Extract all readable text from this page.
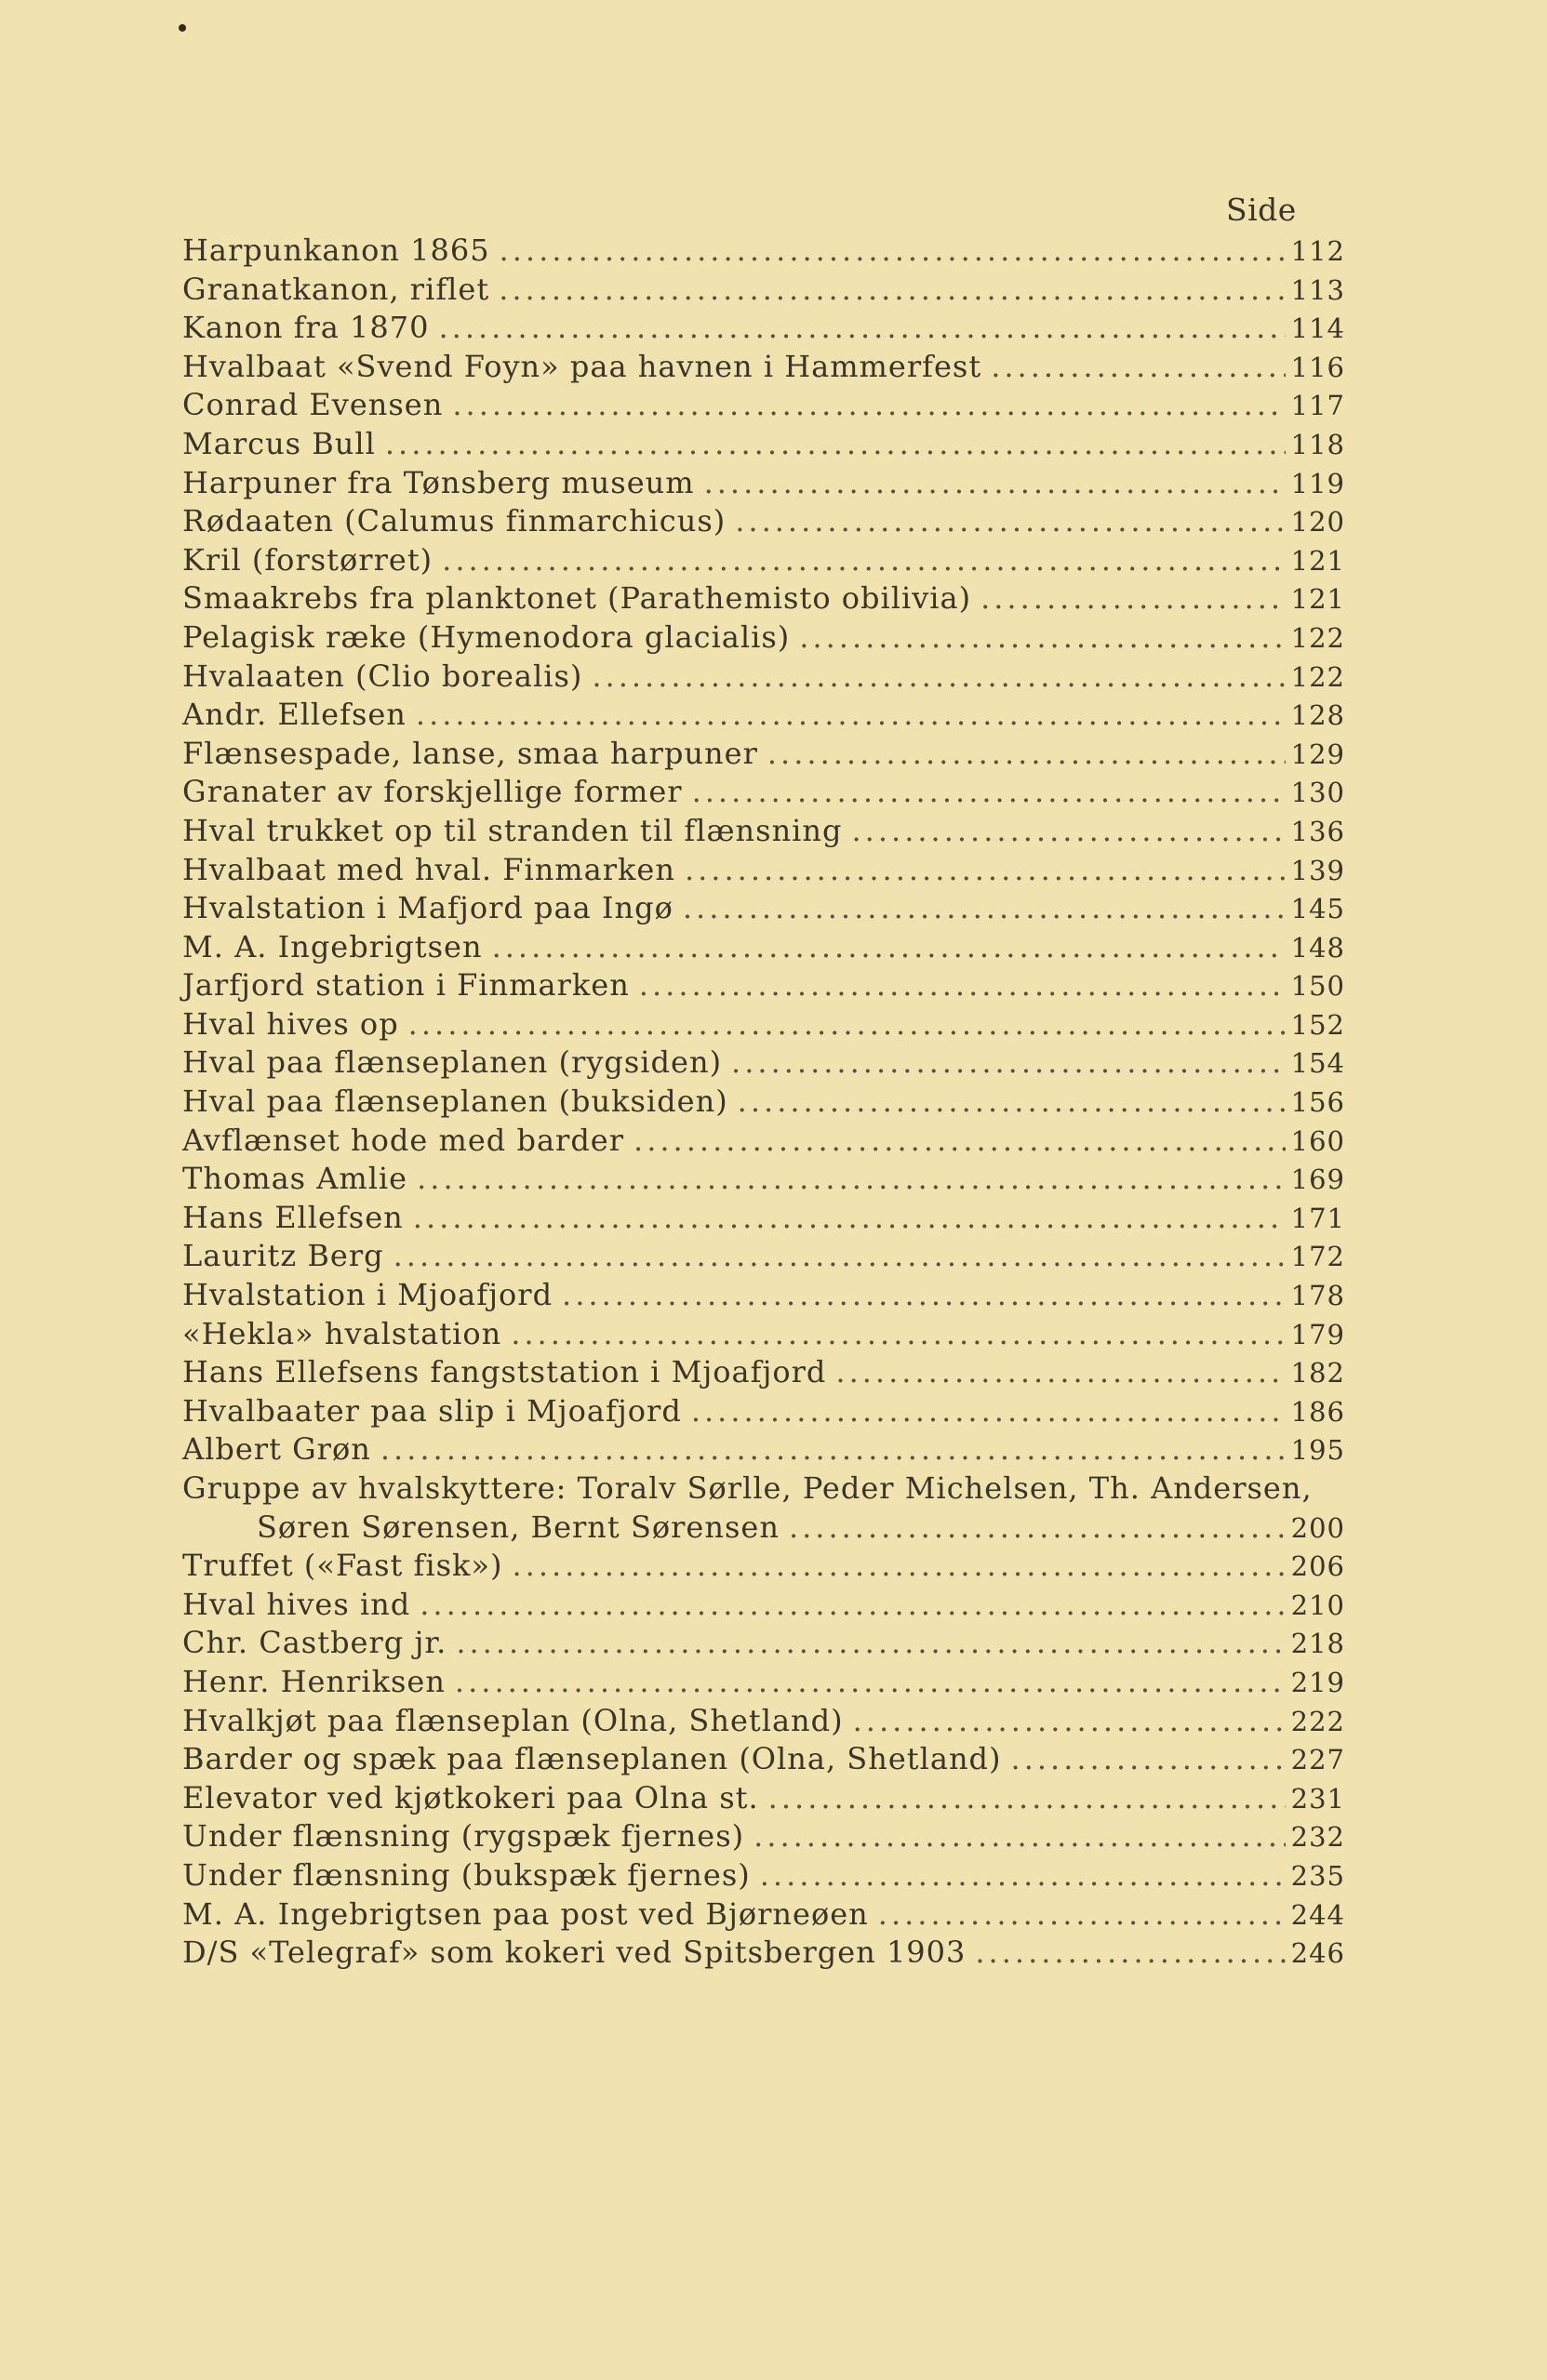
Side
Harpunkanon 1865 .....	112
Granatkanon, riflet .....	113
Kanon fra 1870 .....	114
Hvalbaat «Svend Foyn» paa havnen i Hammerfest .....	116
Conrad Evensen .....	117
Marcus Bull .....	118
Harpuner fra Tønsberg museum .....	119
Rødaaten (Calumus finmarchicus) .....	120
Kril (forstørret) .....	121
Smaakrebs fra planktonet (Parathemisto obilivia) .....	121
Pelagisk ræke (Hymenodora glacialis) .....	122
Hvalaaten (Clio borealis) .....	122
Andr. Ellefsen .....	128
Flænsespade, lanse, smaa harpuner .....	129
Granater av forskjellige former .....	130
Hval trukket op til stranden til flænsning .....	136
Hvalbaat med hval. Finmarken .....	139
Hvalstation i Mafjord paa Ingø .....	145
M. A. Ingebrigtsen .....	148
Jarfjord station i Finmarken .....	150
Hval hives op .....	152
Hval paa flænseplanen (rygsiden) .....	154
Hval paa flænseplanen (buksiden) .....	156
Avflænset hode med barder .....	160
Thomas Amlie .....	169
Hans Ellefsen .....	171
Lauritz Berg .....	172
Hvalstation i Mjoafjord .....	178
«Hekla» hvalstation .....	179
Hans Ellefsens fangststation i Mjoafjord .....	182
Hvalbaater paa slip i Mjoafjord .....	186
Albert Grøn .....	195
Gruppe av hvalskyttere: Toralv Sørlle, Peder Michelsen, Th. Andersen,
Søren Sørensen, Bernt Sørensen .....	200
Truffet («Fast fisk») .....	206
Hval hives ind .....	210
Chr. Castberg jr. .....	218
Henr. Henriksen .....	219
Hvalkjøt paa flænseplan (Olna, Shetland) .....	222
Barder og spæk paa flænseplanen (Olna, Shetland) .....	227
Elevator ved kjøtkokeri paa Olna st. .....	231
Under flænsning (rygspæk fjernes) .....	232
Under flænsning (bukspæk fjernes) .....	235
M. A. Ingebrigtsen paa post ved Bjørneøen .....	244
D/S «Telegraf» som kokeri ved Spitsbergen 1903 .....	246
